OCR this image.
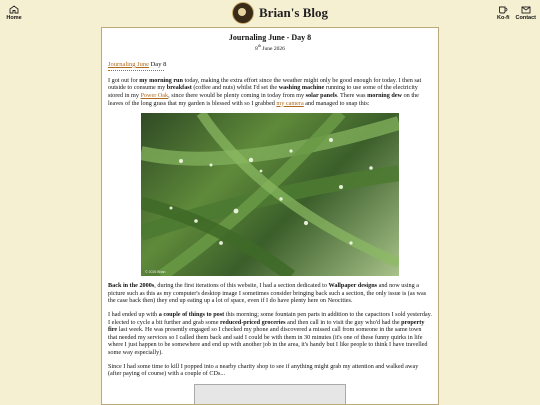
Home	Brian's Blog	Ko-fi Contact
Journaling June - Day 8
8th June 2026
Journaling June Day 8

I got out for my morning run today, making the extra effort since the weather might only be good enough for today. I then sat outside to consume my breakfast (coffee and nuts) whilst I'd set the washing machine running to use some of the electricity stored in my Power Oak, since there would be plenty coming in today from my solar panels. There was morning dew on the leaves of the long grass that my garden is blessed with so I grabbed my camera and managed to snap this:

© 2026 Brian

Back in the 2000s, during the first iterations of this website, I had a section dedicated to Wallpaper designs and now using a picture such as this as my computer's desktop image I sometimes consider bringing back such a section, the only issue is (as was the case back then) they end up eating up a lot of space, even if I do have plenty here on Neocities.

I had ended up with a couple of things to post this morning; some fountain pen parts in addition to the capacitors I sold yesterday. I elected to cycle a bit further and grab some reduced-priced groceries and then call in to visit the guy who'd had the property fire last week. He was presently engaged so I checked my phone and discovered a missed call from someone in the same town that needed my services so I called them back and said I could be with them in 30 minutes (it's one of these funny quirks in life where I just happen to be somewhere and end up with another job in the area, it's handy but I like people to think I have travelled some way especially).

Since I had some time to kill I popped into a nearby charity shop to see if anything might grab my attention and walked away (after paying of course) with a couple of CDs...
